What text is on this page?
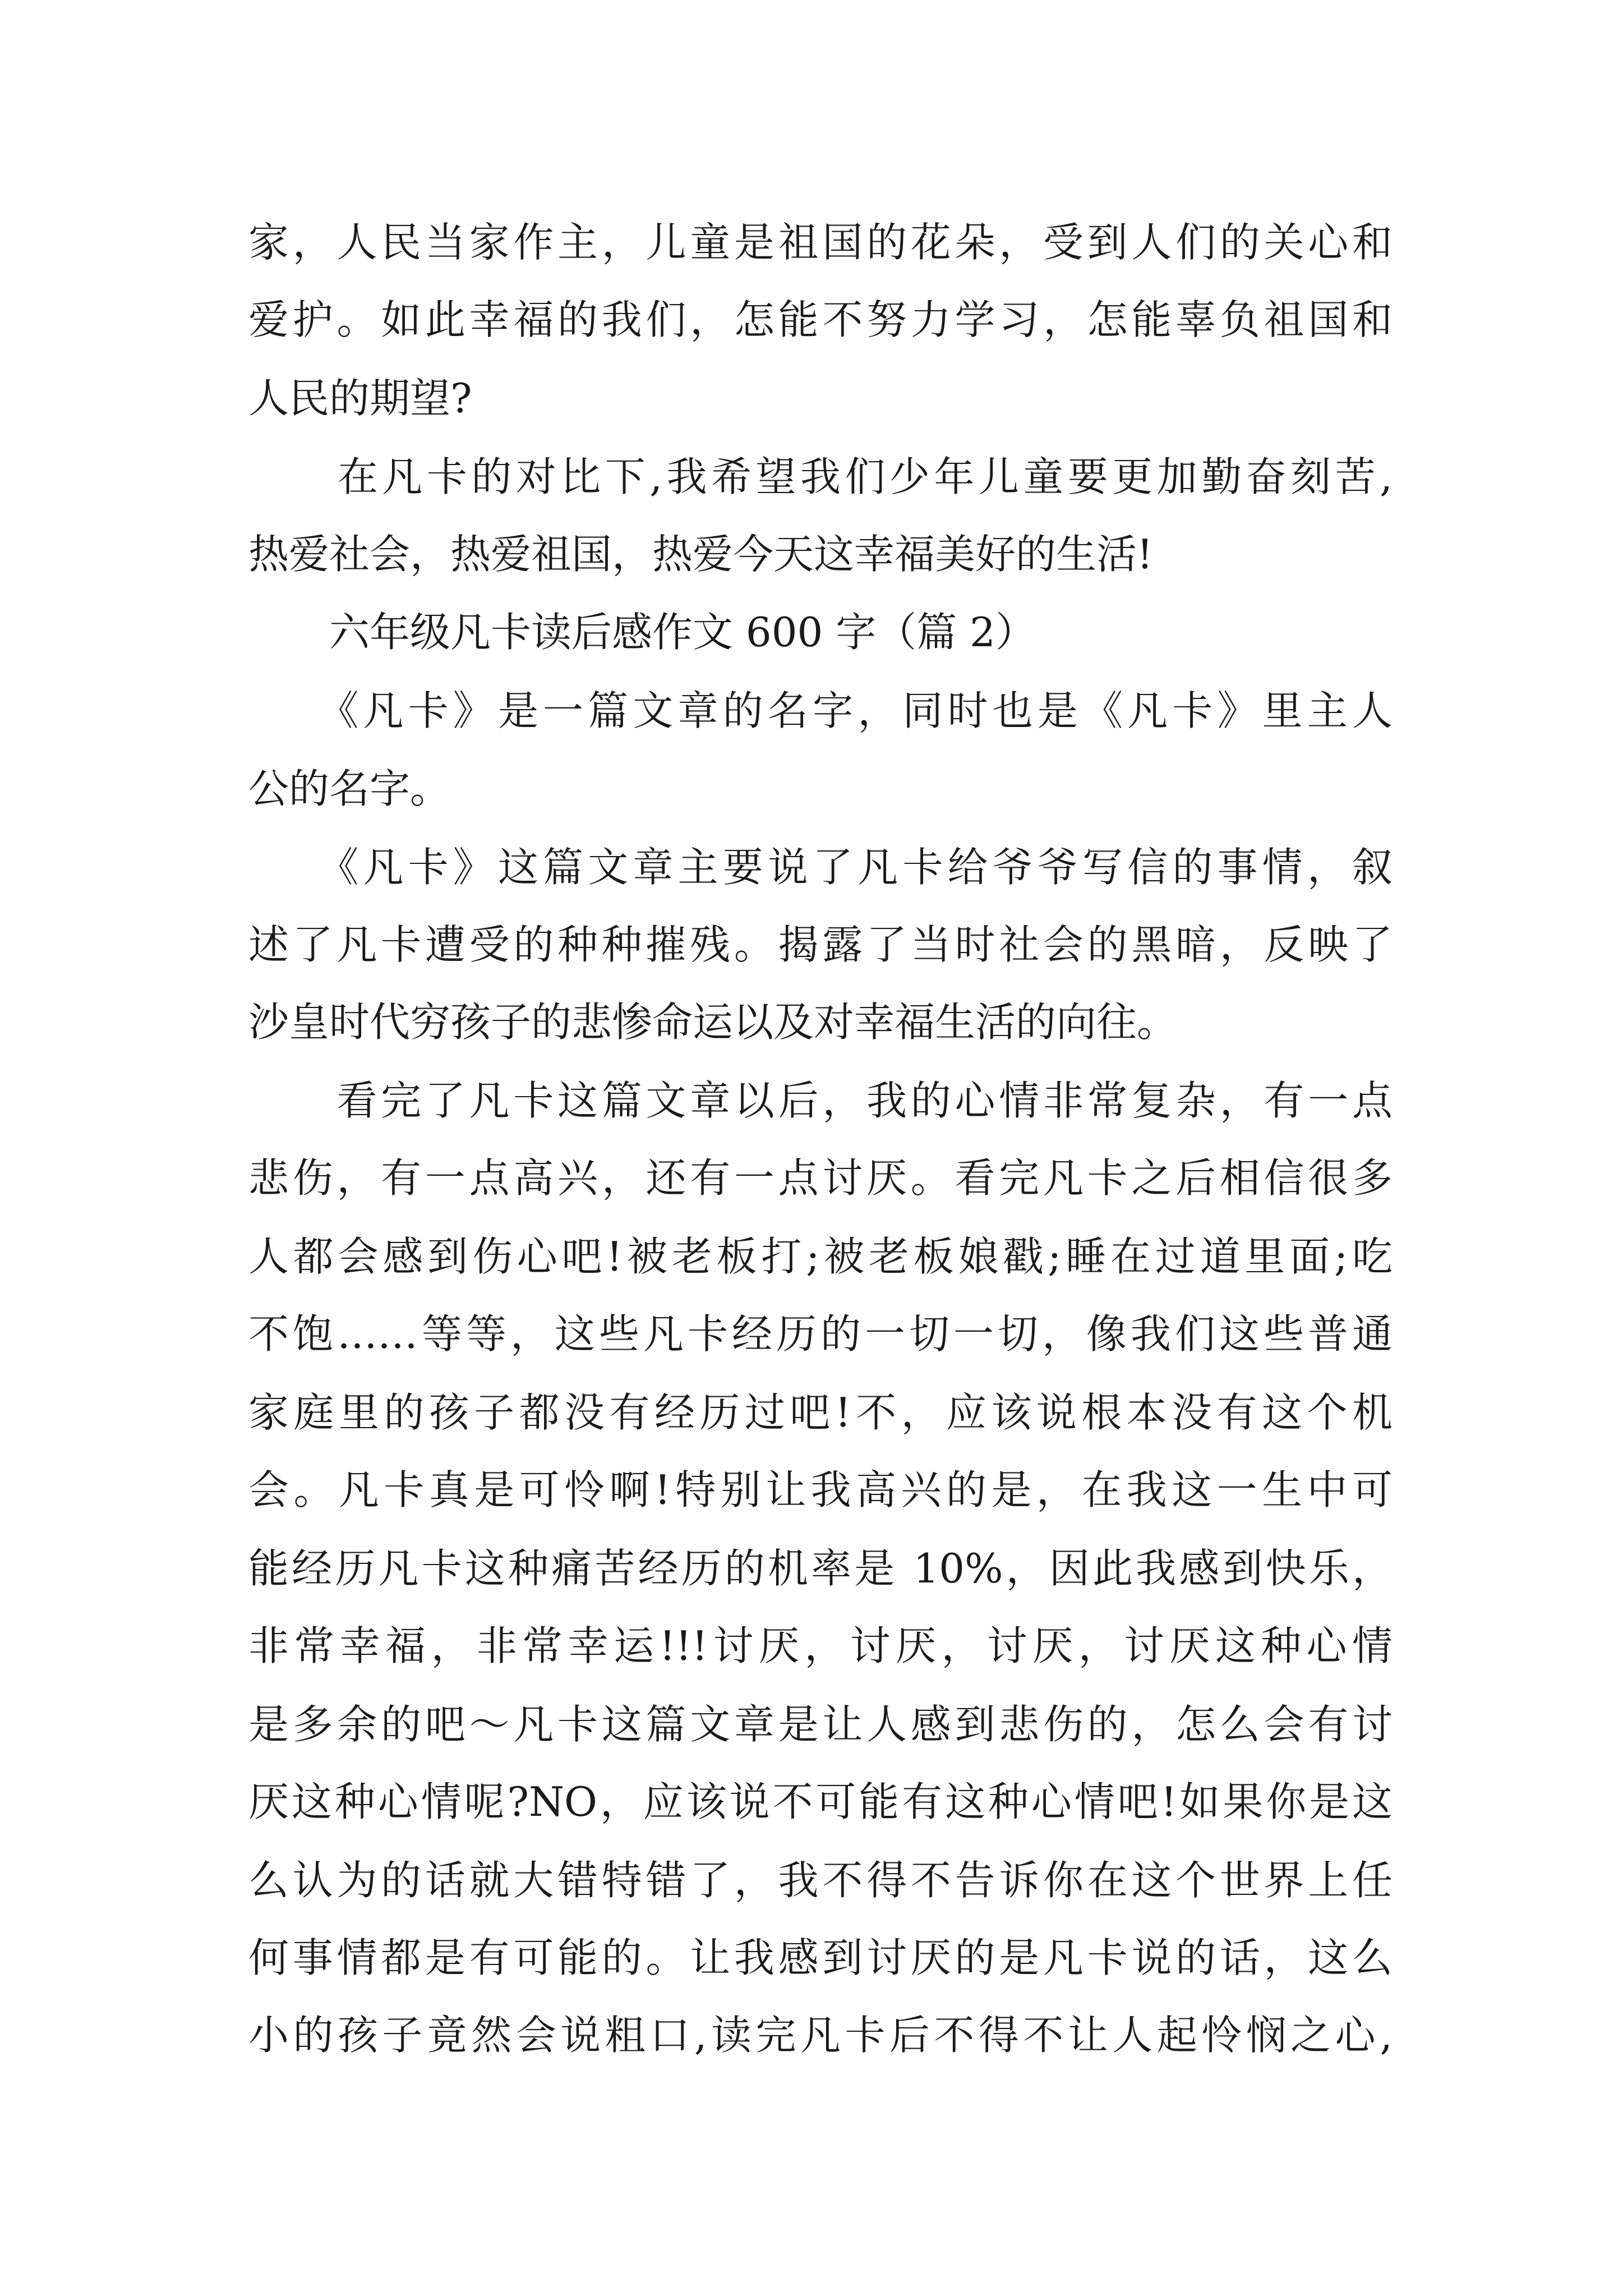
家，人民当家作主，儿童是祖国的花朵，受到人们的关心和
爱护。如此幸福的我们，怎能不努力学习，怎能辜负祖国和
人民的期望?
　　在凡卡的对比下,我希望我们少年儿童要更加勤奋刻苦,
热爱社会，热爱祖国，热爱今天这幸福美好的生活!
　　六年级凡卡读后感作文 600 字（篇 2）
　　《凡卡》是一篇文章的名字，同时也是《凡卡》里主人
公的名字。
　　《凡卡》这篇文章主要说了凡卡给爷爷写信的事情，叙
述了凡卡遭受的种种摧残。揭露了当时社会的黑暗，反映了
沙皇时代穷孩子的悲惨命运以及对幸福生活的向往。
　　看完了凡卡这篇文章以后，我的心情非常复杂，有一点
悲伤，有一点高兴，还有一点讨厌。看完凡卡之后相信很多
人都会感到伤心吧!被老板打;被老板娘戳;睡在过道里面;吃
不饱……等等，这些凡卡经历的一切一切，像我们这些普通
家庭里的孩子都没有经历过吧!不，应该说根本没有这个机
会。凡卡真是可怜啊!特别让我高兴的是，在我这一生中可
能经历凡卡这种痛苦经历的机率是 10%，因此我感到快乐，
非常幸福，非常幸运!!!讨厌，讨厌，讨厌，讨厌这种心情
是多余的吧～凡卡这篇文章是让人感到悲伤的，怎么会有讨
厌这种心情呢?NO，应该说不可能有这种心情吧!如果你是这
么认为的话就大错特错了，我不得不告诉你在这个世界上任
何事情都是有可能的。让我感到讨厌的是凡卡说的话，这么
小的孩子竟然会说粗口,读完凡卡后不得不让人起怜悯之心,
